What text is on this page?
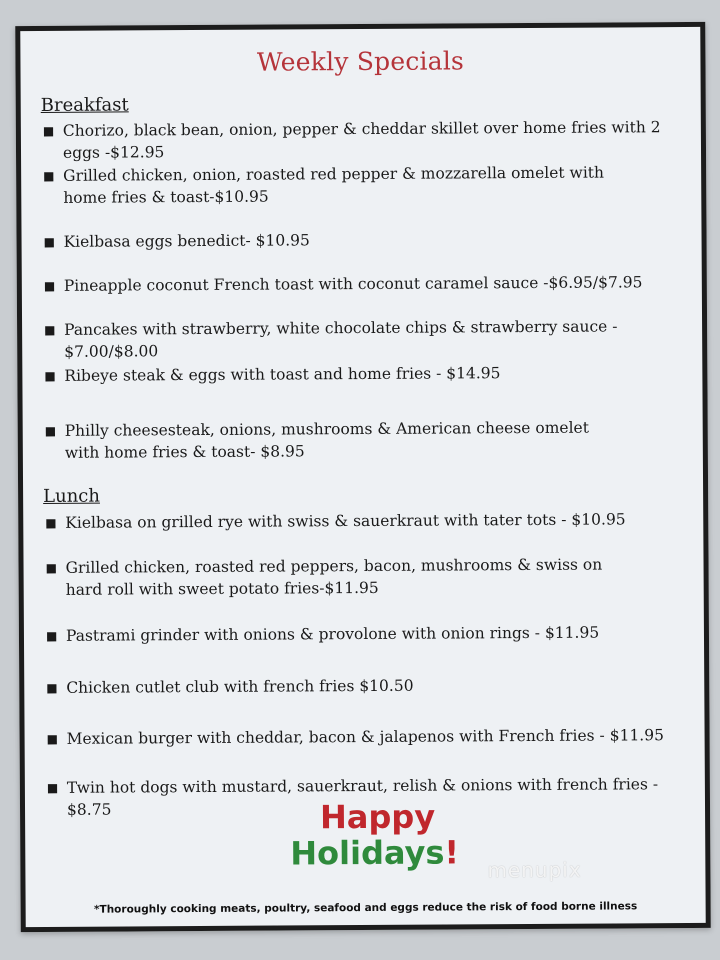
Weekly Specials
Breakfast
■ Chorizo, black bean, onion, pepper & cheddar skillet over home fries with 2 eggs -$12.95
■ Grilled chicken, onion, roasted red pepper & mozzarella omelet with
home fries & toast-$10.95
■ Kielbasa eggs benedict- $10.95
■ Pineapple coconut French toast with coconut caramel sauce -$6.95/$7.95
■ Pancakes with strawberry, white chocolate chips & strawberry sauce - $7.00/$8.00
■ Ribeye steak & eggs with toast and home fries - $14.95
■ Philly cheesesteak, onions, mushrooms & American cheese omelet
with home fries & toast- $8.95
Lunch
■ Kielbasa on grilled rye with swiss & sauerkraut with tater tots - $10.95
■ Grilled chicken, roasted red peppers, bacon, mushrooms & swiss on
hard roll with sweet potato fries-$11.95
■ Pastrami grinder with onions & provolone with onion rings - $11.95
■ Chicken cutlet club with french fries $10.50
■ Mexican burger with cheddar, bacon & jalapenos with French fries - $11.95
■ Twin hot dogs with mustard, sauerkraut, relish & onions with french fries - $8.75	Happy
Holidays!	menupix
*Thoroughly cooking meats, poultry, seafood and eggs reduce the risk of food borne illness
